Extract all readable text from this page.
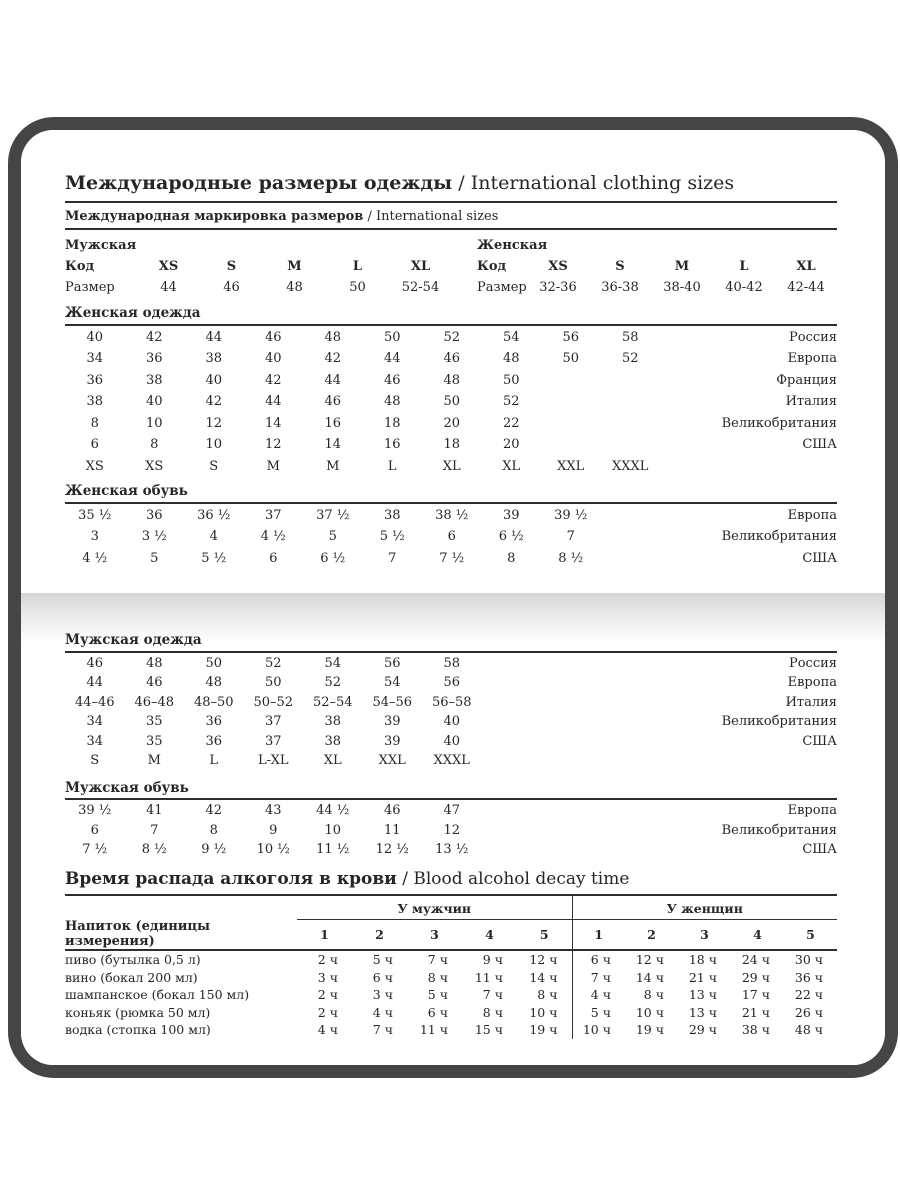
Международные размеры одежды / International clothing sizes
Международная маркировка размеров / International sizes
Мужская							Женская					
Код	XS	S	M	L	XL		Код	XS	S	M	L	XL
Размер	44	46	48	50	52-54		Размер	32-36	36-38	38-40	40-42	42-44
Женская одежда
40	42	44	46	48	50	52	54	56	58	Россия
34	36	38	40	42	44	46	48	50	52	Европа
36	38	40	42	44	46	48	50			Франция
38	40	42	44	46	48	50	52			Италия
8	10	12	14	16	18	20	22			Великобритания
6	8	10	12	14	16	18	20			США
XS	XS	S	M	M	L	XL	XL	XXL	XXXL	
Женская обувь
35 ½	36	36 ½	37	37 ½	38	38 ½	39	39 ½		Европа
3	3 ½	4	4 ½	5	5 ½	6	6 ½	7		Великобритания
4 ½	5	5 ½	6	6 ½	7	7 ½	8	8 ½		США
Мужская одежда
46	48	50	52	54	56	58				Россия
44	46	48	50	52	54	56				Европа
44–46	46–48	48–50	50–52	52–54	54–56	56–58				Италия
34	35	36	37	38	39	40				Великобритания
34	35	36	37	38	39	40				США
S	M	L	L-XL	XL	XXL	XXXL				
Мужская обувь
39 ½	41	42	43	44 ½	46	47				Европа
6	7	8	9	10	11	12				Великобритания
7 ½	8 ½	9 ½	10 ½	11 ½	12 ½	13 ½				США
Время распада алкоголя в крови / Blood alcohol decay time
	У мужчин					У женщин				
Напиток (единицы измерения)	1	2	3	4	5	1	2	3	4	5
пиво (бутылка 0,5 л)	2 ч	5 ч	7 ч	9 ч	12 ч	6 ч	12 ч	18 ч	24 ч	30 ч
вино (бокал 200 мл)	3 ч	6 ч	8 ч	11 ч	14 ч	7 ч	14 ч	21 ч	29 ч	36 ч
шампанское (бокал 150 мл)	2 ч	3 ч	5 ч	7 ч	8 ч	4 ч	8 ч	13 ч	17 ч	22 ч
коньяк (рюмка 50 мл)	2 ч	4 ч	6 ч	8 ч	10 ч	5 ч	10 ч	13 ч	21 ч	26 ч
водка (стопка 100 мл)	4 ч	7 ч	11 ч	15 ч	19 ч	10 ч	19 ч	29 ч	38 ч	48 ч
